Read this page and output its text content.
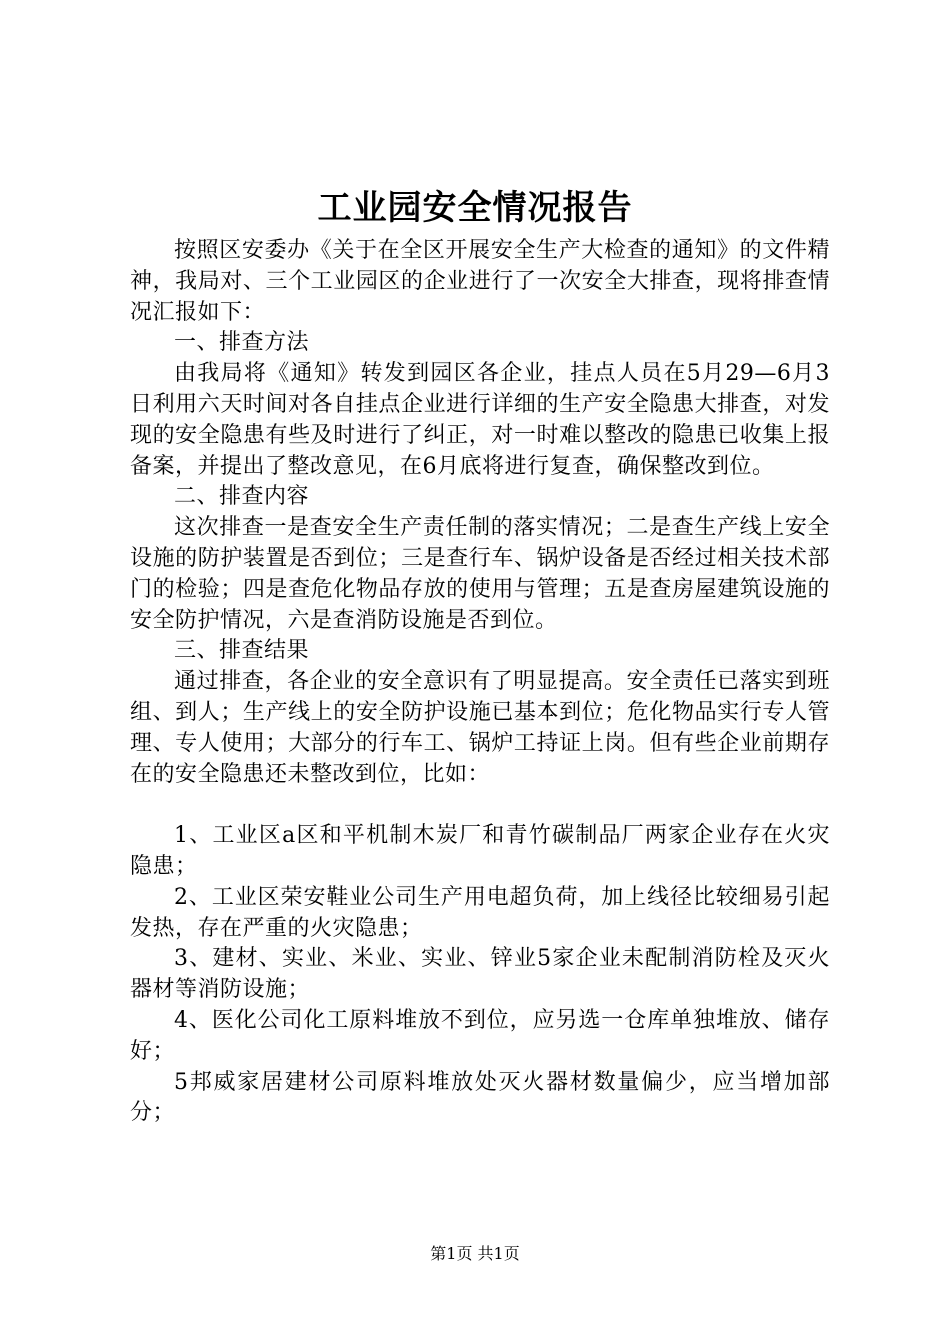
工业园安全情况报告

按照区安委办《关于在全区开展安全生产大检查的通知》的文件精神，我局对、三个工业园区的企业进行了一次安全大排查，现将排查情况汇报如下：

一、排查方法

由我局将《通知》转发到园区各企业，挂点人员在5月29—6月3日利用六天时间对各自挂点企业进行详细的生产安全隐患大排查，对发现的安全隐患有些及时进行了纠正，对一时难以整改的隐患已收集上报备案，并提出了整改意见，在6月底将进行复查，确保整改到位。

二、排查内容

这次排查一是查安全生产责任制的落实情况；二是查生产线上安全设施的防护装置是否到位；三是查行车、锅炉设备是否经过相关技术部门的检验；四是查危化物品存放的使用与管理；五是查房屋建筑设施的安全防护情况，六是查消防设施是否到位。

三、排查结果

通过排查，各企业的安全意识有了明显提高。安全责任已落实到班组、到人；生产线上的安全防护设施已基本到位；危化物品实行专人管理、专人使用；大部分的行车工、锅炉工持证上岗。但有些企业前期存在的安全隐患还未整改到位，比如：

1、工业区a区和平机制木炭厂和青竹碳制品厂两家企业存在火灾隐患；

2、工业区荣安鞋业公司生产用电超负荷，加上线径比较细易引起发热，存在严重的火灾隐患；

3、建材、实业、米业、实业、锌业5家企业未配制消防栓及灭火器材等消防设施；

4、医化公司化工原料堆放不到位，应另选一仓库单独堆放、储存好；

5邦威家居建材公司原料堆放处灭火器材数量偏少，应当增加部分；

第1页 共1页
